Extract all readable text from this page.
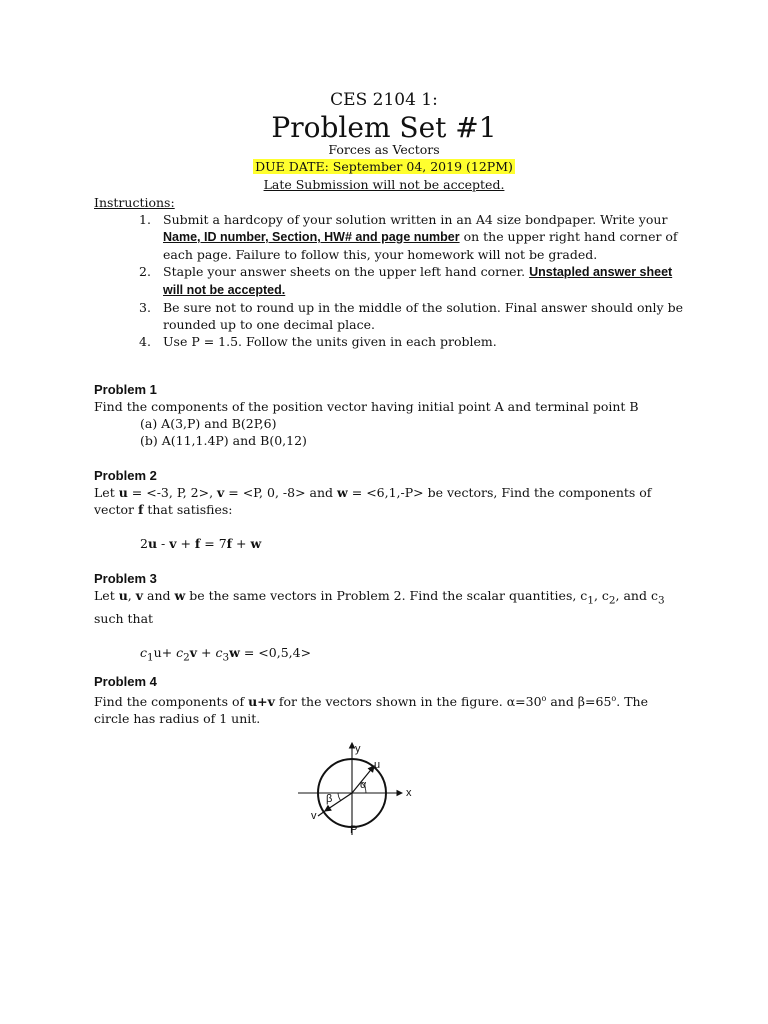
CES 2104 1:
Problem Set #1
Forces as Vectors
DUE DATE: September 04, 2019 (12PM)
Late Submission will not be accepted.
Instructions:
1. Submit a hardcopy of your solution written in an A4 size bondpaper. Write your Name, ID number, Section, HW# and page number on the upper right hand corner of each page. Failure to follow this, your homework will not be graded.
2. Staple your answer sheets on the upper left hand corner. Unstapled answer sheet will not be accepted.
3. Be sure not to round up in the middle of the solution. Final answer should only be rounded up to one decimal place.
4. Use P = 1.5. Follow the units given in each problem.
Problem 1
Find the components of the position vector having initial point A and terminal point B
(a) A(3,P) and B(2P,6)
(b) A(11,1.4P) and B(0,12)
Problem 2
Let u = <-3, P, 2>, v = <P, 0, -8> and w = <6,1,-P> be vectors, Find the components of vector f that satisfies:
2u - v + f = 7f + w
Problem 3
Let u, v and w be the same vectors in Problem 2. Find the scalar quantities, $c_1$, $c_2$, and $c_3$ such that
$c_1u+ c_2v + c_3w = <0,5,4>$
Problem 4
Find the components of u+v for the vectors shown in the figure. $\alpha=30^o$ and $\beta=65^o$. The circle has radius of 1 unit.
y
x
u
α
β
v
P
